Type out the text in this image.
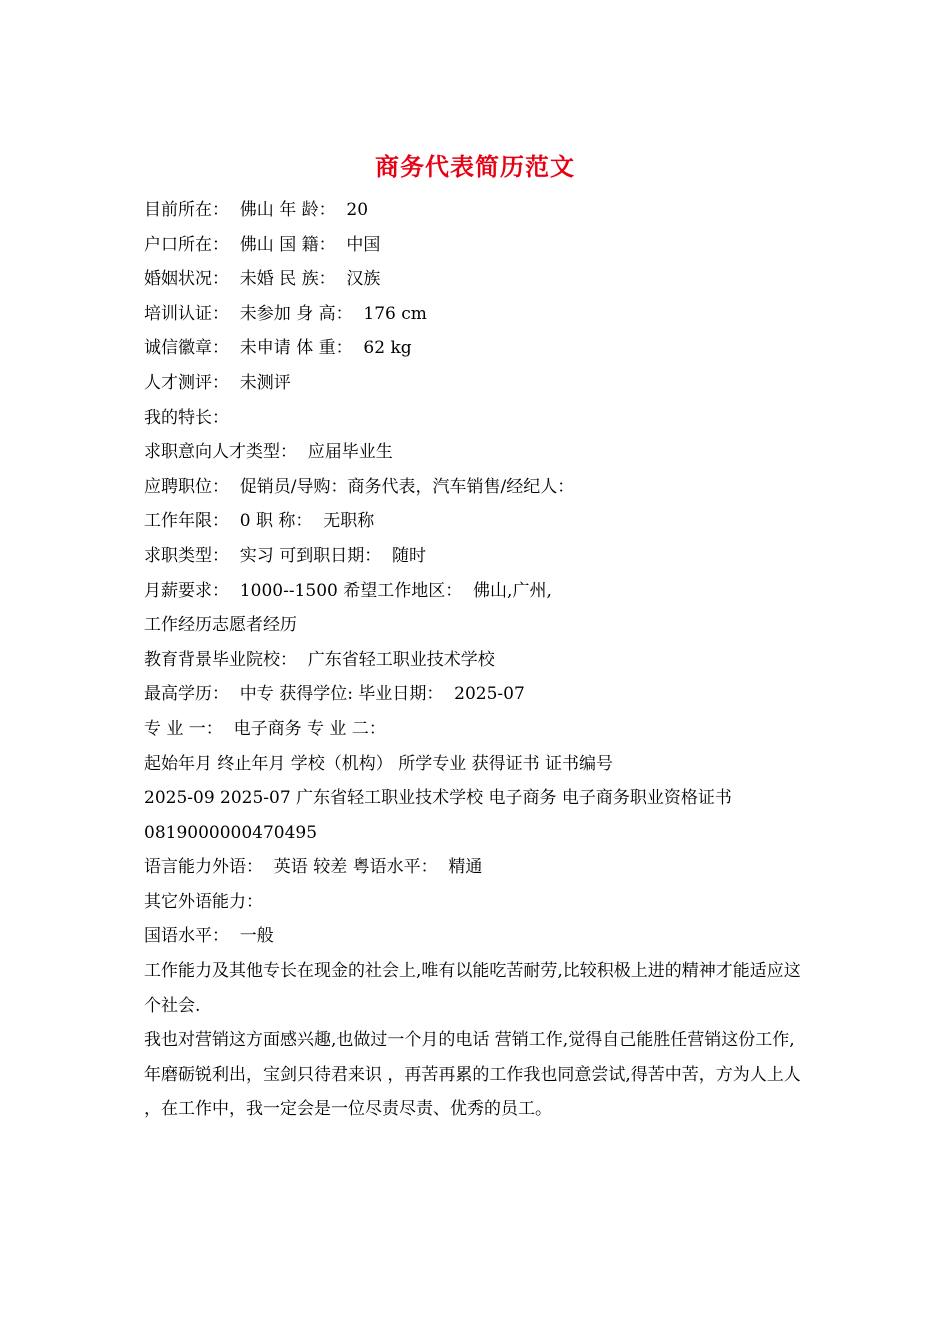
商务代表简历范文
目前所在：  佛山 年 龄：  20
户口所在：  佛山 国 籍：  中国
婚姻状况：  未婚 民 族：  汉族
培训认证：  未参加 身 高：  176 cm
诚信徽章：  未申请 体 重：  62 kg
人才测评：  未测评
我的特长：
求职意向人才类型：  应届毕业生
应聘职位：  促销员/导购：商务代表，汽车销售/经纪人：
工作年限：  0 职 称：  无职称
求职类型：  实习 可到职日期：  随时
月薪要求：  1000--1500 希望工作地区：  佛山,广州,
工作经历志愿者经历
教育背景毕业院校：  广东省轻工职业技术学校
最高学历：  中专 获得学位: 毕业日期：  2025-07
专 业 一：  电子商务 专 业 二：
起始年月 终止年月 学校（机构） 所学专业 获得证书 证书编号
2025-09 2025-07 广东省轻工职业技术学校 电子商务 电子商务职业资格证书
0819000000470495
语言能力外语：  英语 较差 粤语水平：  精通
其它外语能力：
国语水平：  一般
工作能力及其他专长在现金的社会上,唯有以能吃苦耐劳,比较积极上进的精神才能适应这个社会.
我也对营销这方面感兴趣,也做过一个月的电话 营销工作,觉得自己能胜任营销这份工作, 年磨砺锐利出，宝剑只待君来识 ，再苦再累的工作我也同意尝试,得苦中苦，方为人上人 ，在工作中，我一定会是一位尽责尽责、优秀的员工。
